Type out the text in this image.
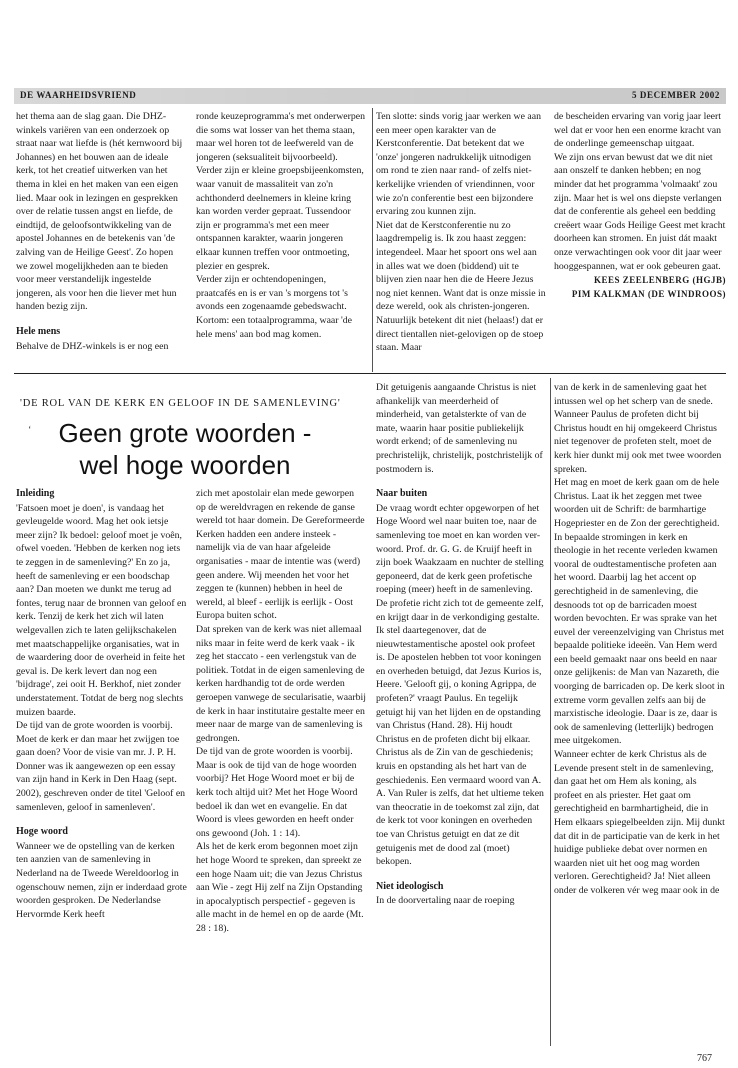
DE WAARHEIDSVRIEND	5 DECEMBER 2002

het thema aan de slag gaan. Die DHZ-winkels variëren van een onderzoek op straat naar wat liefde is (hét kernwoord bij Johannes) en het bouwen aan de ideale kerk, tot het creatief uitwerken van het thema in klei en het maken van een eigen lied. Maar ook in lezingen en gesprekken over de relatie tussen angst en liefde, de eindtijd, de geloofsontwikkeling van de apostel Johannes en de betekenis van 'de zalving van de Heilige Geest'. Zo hopen we zowel mogelijkheden aan te bieden voor meer verstandelijk ingestelde jongeren, als voor hen die liever met hun handen bezig zijn.

Hele mens

Behalve de DHZ-winkels is er nog een

ronde keuzeprogramma's met onderwerpen die soms wat losser van het thema staan, maar wel horen tot de leefwereld van de jongeren (seksualiteit bijvoorbeeld). Verder zijn er kleine groepsbijeenkomsten, waar vanuit de massaliteit van zo'n achthonderd deelnemers in kleine kring kan worden verder gepraat. Tussendoor zijn er programma's met een meer ontspannen karakter, waarin jongeren elkaar kunnen treffen voor ontmoeting, plezier en gesprek.

Verder zijn er ochtendopeningen, praatcafés en is er van 's morgens tot 's avonds een zogenaamde gebedswacht. Kortom: een totaalprogramma, waar 'de hele mens' aan bod mag komen.

Ten slotte: sinds vorig jaar werken we aan een meer open karakter van de Kerstconferentie. Dat betekent dat we 'onze' jongeren nadrukkelijk uitnodigen om rond te zien naar rand- of zelfs niet-kerkelijke vrienden of vriendinnen, voor wie zo'n conferentie best een bijzondere ervaring zou kunnen zijn.

Niet dat de Kerstconferentie nu zo laagdrempelig is. Ik zou haast zeggen: integendeel. Maar het spoort ons wel aan in alles wat we doen (biddend) uit te blijven zien naar hen die de Heere Jezus nog niet kennen. Want dat is onze missie in deze wereld, ook als christen-jongeren. Natuurlijk betekent dit niet (helaas!) dat er direct tientallen niet-gelovigen op de stoep staan. Maar

de bescheiden ervaring van vorig jaar leert wel dat er voor hen een enorme kracht van de onderlinge gemeenschap uitgaat.

We zijn ons ervan bewust dat we dit niet aan onszelf te danken hebben; en nog minder dat het programma 'volmaakt' zou zijn. Maar het is wel ons diepste verlangen dat de conferentie als geheel een bedding creëert waar Gods Heilige Geest met kracht doorheen kan stromen. En juist dát maakt onze verwachtingen ook voor dit jaar weer hooggespannen, wat er ook gebeuren gaat.

KEES ZEELENBERG (HGJB)
PIM KALKMAN (DE WINDROOS)
'DE ROL VAN DE KERK EN GELOOF IN DE SAMENLEVING'
‘	Geen grote woorden -
wel hoge woorden
Inleiding

'Fatsoen moet je doen', is vandaag het gevleugelde woord. Mag het ook ietsje meer zijn? Ik bedoel: geloof moet je voên, ofwel voeden. 'Hebben de kerken nog iets te zeggen in de samenleving?' En zo ja, heeft de samenleving er een boodschap aan? Dan moeten we dunkt me terug ad fontes, terug naar de bronnen van geloof en kerk. Tenzij de kerk het zich wil laten welgevallen zich te laten gelijkschakelen met maatschappelijke organisaties, wat in de waardering door de overheid in feite het geval is. De kerk levert dan nog een 'bijdrage', zei ooit H. Berkhof, niet zonder understatement. Totdat de berg nog slechts muizen baarde.

De tijd van de grote woorden is voorbij. Moet de kerk er dan maar het zwijgen toe gaan doen? Voor de visie van mr. J. P. H. Donner was ik aangewezen op een essay van zijn hand in Kerk in Den Haag (sept. 2002), geschreven onder de titel 'Geloof en samenleven, geloof in samenleven'.

Hoge woord

Wanneer we de opstelling van de kerken ten aanzien van de samenleving in Nederland na de Tweede Wereldoorlog in ogenschouw nemen, zijn er inderdaad grote woorden gesproken. De Nederlandse Hervormde Kerk heeft

zich met apostolair elan mede geworpen op de wereldvragen en rekende de ganse wereld tot haar domein. De Gereformeerde Kerken hadden een andere insteek - namelijk via de van haar afgeleide organisaties - maar de intentie was (werd) geen andere. Wij meenden het voor het zeggen te (kunnen) hebben in heel de wereld, al bleef - eerlijk is eerlijk - Oost Europa buiten schot.

Dat spreken van de kerk was niet allemaal niks maar in feite werd de kerk vaak - ik zeg het staccato - een verlengstuk van de politiek. Totdat in de eigen samenleving de kerken hardhandig tot de orde werden geroepen vanwege de secularisatie, waarbij de kerk in haar institutaire gestalte meer en meer naar de marge van de samenleving is gedrongen.

De tijd van de grote woorden is voorbij. Maar is ook de tijd van de hoge woorden voorbij? Het Hoge Woord moet er bij de kerk toch altijd uit? Met het Hoge Woord bedoel ik dan wet en evangelie. En dat Woord is vlees geworden en heeft onder ons gewoond (Joh. 1 : 14).

Als het de kerk erom begonnen moet zijn het hoge Woord te spreken, dan spreekt ze een hoge Naam uit; die van Jezus Christus aan Wie - zegt Hij zelf na Zijn Opstanding in apocalyptisch perspectief - gegeven is alle macht in de hemel en op de aarde (Mt. 28 : 18).

Dit getuigenis aangaande Christus is niet afhankelijk van meerderheid of minderheid, van getalsterkte of van de mate, waarin haar positie publiekelijk wordt erkend; of de samenleving nu prechristelijk, christelijk, postchristelijk of postmodern is.

Naar buiten

De vraag wordt echter opgeworpen of het Hoge Woord wel naar buiten toe, naar de samenleving toe moet en kan worden ver-woord. Prof. dr. G. G. de Kruijf heeft in zijn boek Waakzaam en nuchter de stelling geponeerd, dat de kerk geen profetische roeping (meer) heeft in de samenleving. De profetie richt zich tot de gemeente zelf, en krijgt daar in de verkondiging gestalte. Ik stel daartegenover, dat de nieuwtestamentische apostel ook profeet is. De apostelen hebben tot voor koningen en overheden betuigd, dat Jezus Kurios is, Heere. 'Gelooft gij, o koning Agrippa, de profeten?' vraagt Paulus. En tegelijk getuigt hij van het lijden en de opstanding van Christus (Hand. 28). Hij houdt Christus en de profeten dicht bij elkaar. Christus als de Zin van de geschiedenis; kruis en opstanding als het hart van de geschiedenis. Een vermaard woord van A. A. Van Ruler is zelfs, dat het ultieme teken van theocratie in de toekomst zal zijn, dat de kerk tot voor koningen en overheden toe van Christus getuigt en dat ze dit getuigenis met de dood zal (moet) bekopen.

Niet ideologisch

In de doorvertaling naar de roeping

van de kerk in de samenleving gaat het intussen wel op het scherp van de snede. Wanneer Paulus de profeten dicht bij Christus houdt en hij omgekeerd Christus niet tegenover de profeten stelt, moet de kerk hier dunkt mij ook met twee woorden spreken.

Het mag en moet de kerk gaan om de hele Christus. Laat ik het zeggen met twee woorden uit de Schrift: de barmhartige Hogepriester en de Zon der gerechtigheid.

In bepaalde stromingen in kerk en theologie in het recente verleden kwamen vooral de oudtestamentische profeten aan het woord. Daarbij lag het accent op gerechtigheid in de samenleving, die desnoods tot op de barricaden moest worden bevochten. Er was sprake van het euvel der vereenzelviging van Christus met bepaalde politieke ideeën. Van Hem werd een beeld gemaakt naar ons beeld en naar onze gelijkenis: de Man van Nazareth, die voorging de barricaden op. De kerk sloot in extreme vorm gevallen zelfs aan bij de marxistische ideologie. Daar is ze, daar is ook de samenleving (letterlijk) bedrogen mee uitgekomen.

Wanneer echter de kerk Christus als de Levende present stelt in de samenleving, dan gaat het om Hem als koning, als profeet en als priester. Het gaat om gerechtigheid en barmhartigheid, die in Hem elkaars spiegelbeelden zijn. Mij dunkt dat dit in de participatie van de kerk in het huidige publieke debat over normen en waarden niet uit het oog mag worden verloren. Gerechtigheid? Ja! Niet alleen onder de volkeren vér weg maar ook in de

767
